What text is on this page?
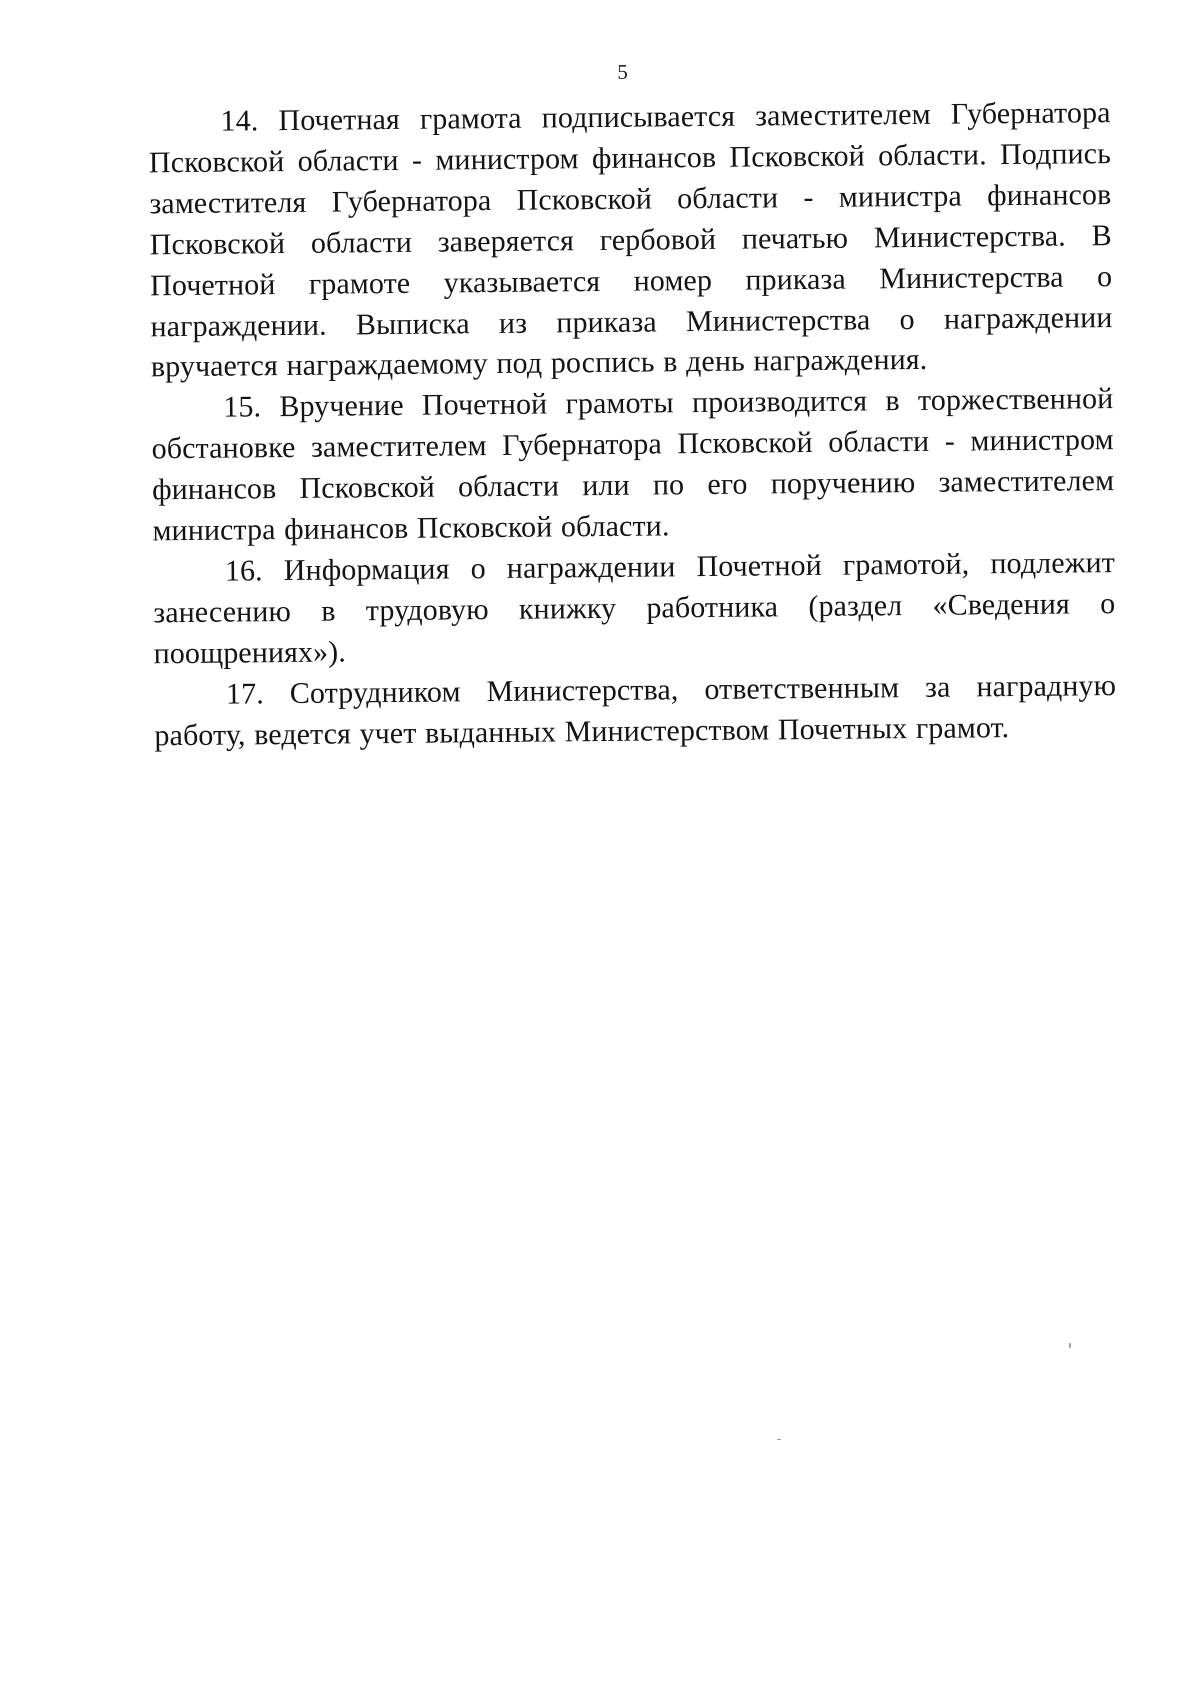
5

14. Почетная грамота подписывается заместителем Губернатора Псковской области - министром финансов Псковской области. Подпись заместителя Губернатора Псковской области - министра финансов Псковской области заверяется гербовой печатью Министерства. В Почетной грамоте указывается номер приказа Министерства о награждении. Выписка из приказа Министерства о награждении вручается награждаемому под роспись в день награждения.

15. Вручение Почетной грамоты производится в торжественной обстановке заместителем Губернатора Псковской области - министром финансов Псковской области или по его поручению заместителем министра финансов Псковской области.

16. Информация о награждении Почетной грамотой, подлежит занесению в трудовую книжку работника (раздел «Сведения о поощрениях»).

17. Сотрудником Министерства, ответственным за наградную работу, ведется учет выданных Министерством Почетных грамот.
